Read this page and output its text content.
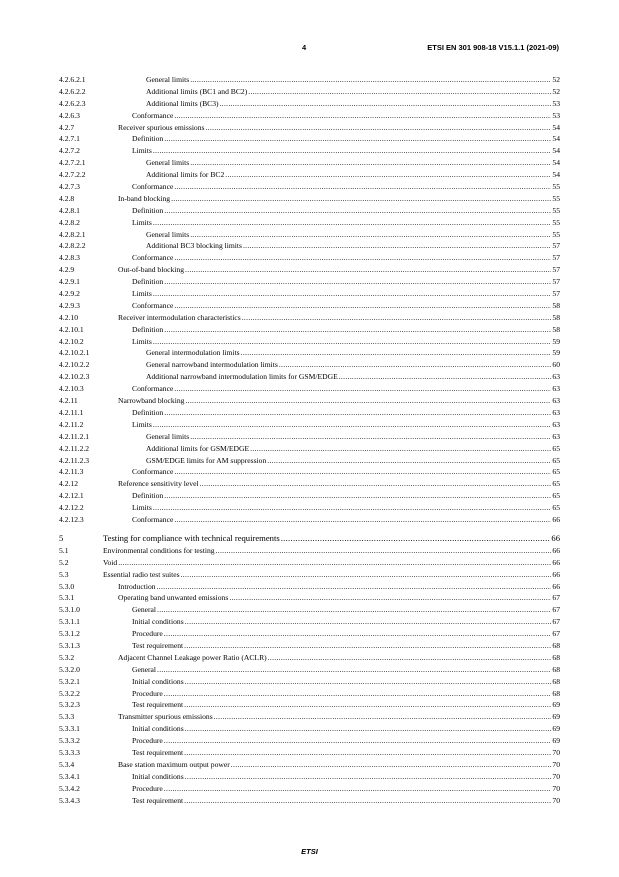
4	ETSI EN 301 908-18 V15.1.1 (2021-09)
4.2.6.2.1	General limits .....	52
4.2.6.2.2	Additional limits (BC1 and BC2) .....	52
4.2.6.2.3	Additional limits (BC3) .....	53
4.2.6.3	Conformance .....	53
4.2.7	Receiver spurious emissions .....	54
4.2.7.1	Definition .....	54
4.2.7.2	Limits .....	54
4.2.7.2.1	General limits .....	54
4.2.7.2.2	Additional limits for BC2 .....	54
4.2.7.3	Conformance .....	55
4.2.8	In-band blocking .....	55
4.2.8.1	Definition .....	55
4.2.8.2	Limits .....	55
4.2.8.2.1	General limits .....	55
4.2.8.2.2	Additional BC3 blocking limits .....	57
4.2.8.3	Conformance .....	57
4.2.9	Out-of-band blocking .....	57
4.2.9.1	Definition .....	57
4.2.9.2	Limits .....	57
4.2.9.3	Conformance .....	58
4.2.10	Receiver intermodulation characteristics .....	58
4.2.10.1	Definition .....	58
4.2.10.2	Limits .....	59
4.2.10.2.1	General intermodulation limits .....	59
4.2.10.2.2	General narrowband intermodulation limits .....	60
4.2.10.2.3	Additional narrowband intermodulation limits for GSM/EDGE .....	63
4.2.10.3	Conformance .....	63
4.2.11	Narrowband blocking .....	63
4.2.11.1	Definition .....	63
4.2.11.2	Limits .....	63
4.2.11.2.1	General limits .....	63
4.2.11.2.2	Additional limits for GSM/EDGE .....	65
4.2.11.2.3	GSM/EDGE limits for AM suppression .....	65
4.2.11.3	Conformance .....	65
4.2.12	Reference sensitivity level .....	65
4.2.12.1	Definition .....	65
4.2.12.2	Limits .....	65
4.2.12.3	Conformance .....	66
5	Testing for compliance with technical requirements .....	66
5.1	Environmental conditions for testing .....	66
5.2	Void .....	66
5.3	Essential radio test suites .....	66
5.3.0	Introduction .....	66
5.3.1	Operating band unwanted emissions .....	67
5.3.1.0	General .....	67
5.3.1.1	Initial conditions .....	67
5.3.1.2	Procedure .....	67
5.3.1.3	Test requirement .....	68
5.3.2	Adjacent Channel Leakage power Ratio (ACLR) .....	68
5.3.2.0	General .....	68
5.3.2.1	Initial conditions .....	68
5.3.2.2	Procedure .....	68
5.3.2.3	Test requirement .....	69
5.3.3	Transmitter spurious emissions .....	69
5.3.3.1	Initial conditions .....	69
5.3.3.2	Procedure .....	69
5.3.3.3	Test requirement .....	70
5.3.4	Base station maximum output power .....	70
5.3.4.1	Initial conditions .....	70
5.3.4.2	Procedure .....	70
5.3.4.3	Test requirement .....	70
ETSI
